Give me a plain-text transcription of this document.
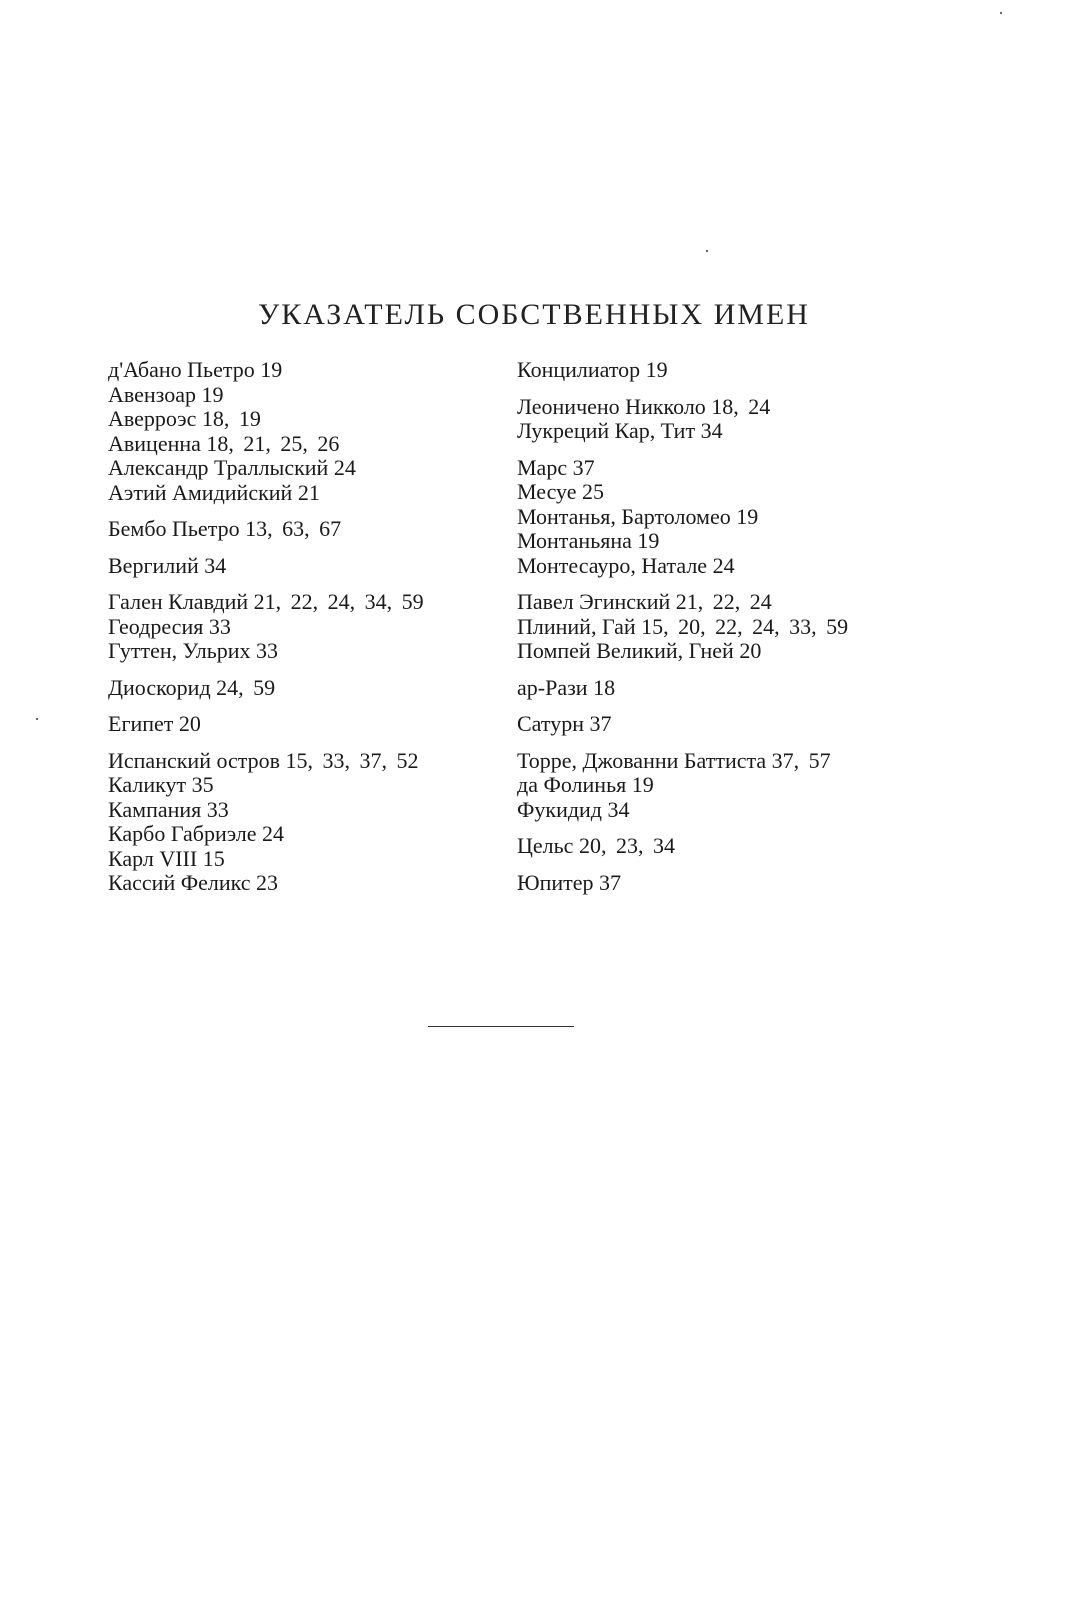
УКАЗАТЕЛЬ СОБСТВЕННЫХ ИМЕН
д'Абано Пьетро 19
Авензоар 19
Аверроэс 18, 19
Авиценна 18, 21, 25, 26
Александр Траллыский 24
Аэтий Амидийский 21
Бембо Пьетро 13, 63, 67
Вергилий 34
Гален Клавдий 21, 22, 24, 34, 59
Геодресия 33
Гуттен, Ульрих 33
Диоскорид 24, 59
Египет 20
Испанский остров 15, 33, 37, 52
Каликут 35
Кампания 33
Карбо Габриэле 24
Карл VIII 15
Кассий Феликс 23
Концилиатор 19
Леоничено Никколо 18, 24
Лукреций Кар, Тит 34
Марс 37
Месуе 25
Монтанья, Бартоломео 19
Монтаньяна 19
Монтесауро, Натале 24
Павел Эгинский 21, 22, 24
Плиний, Гай 15, 20, 22, 24, 33, 59
Помпей Великий, Гней 20
ар-Рази 18
Сатурн 37
Торре, Джованни Баттиста 37, 57
да Фолинья 19
Фукидид 34
Цельс 20, 23, 34
Юпитер 37
